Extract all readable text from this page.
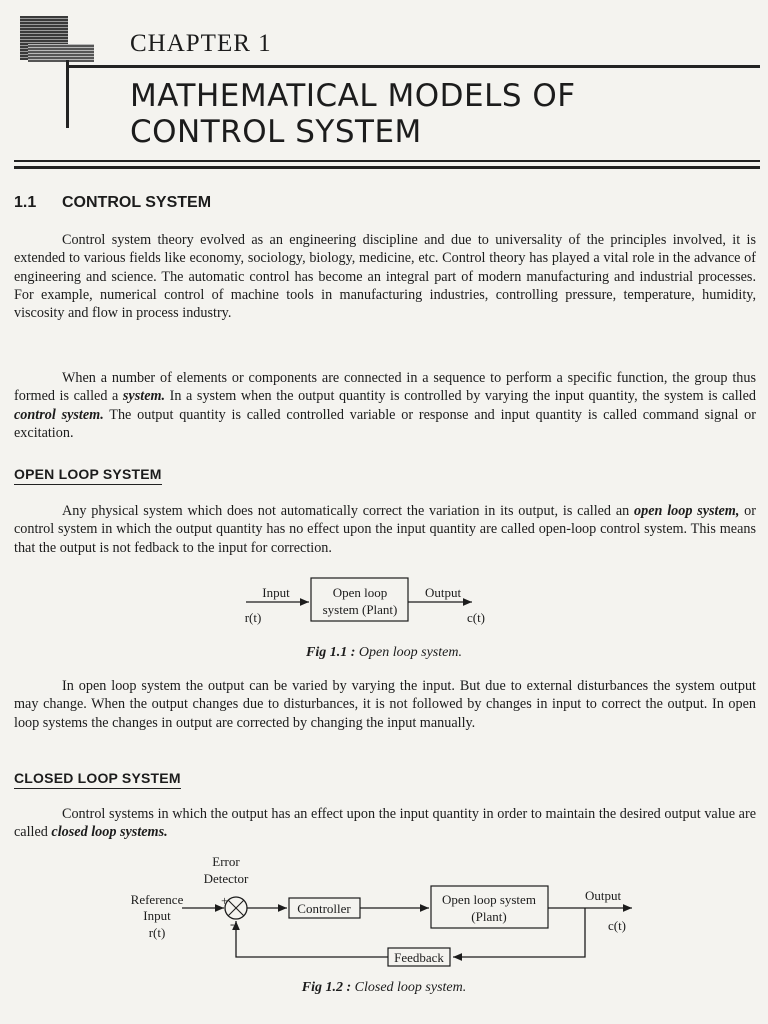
CHAPTER 1
MATHEMATICAL MODELS OF
CONTROL SYSTEM
1.1 CONTROL SYSTEM

Control system theory evolved as an engineering discipline and due to universality of the principles involved, it is extended to various fields like economy, sociology, biology, medicine, etc. Control theory has played a vital role in the advance of engineering and science. The automatic control has become an integral part of modern manufacturing and industrial processes. For example, numerical control of machine tools in manufacturing industries, controlling pressure, temperature, humidity, viscosity and flow in process industry.

When a number of elements or components are connected in a sequence to perform a specific function, the group thus formed is called a system. In a system when the output quantity is controlled by varying the input quantity, the system is called control system. The output quantity is called controlled variable or response and input quantity is called command signal or excitation.

OPEN LOOP SYSTEM

Any physical system which does not automatically correct the variation in its output, is called an open loop system, or control system in which the output quantity has no effect upon the input quantity are called open-loop control system. This means that the output is not fedback to the input for correction.

Input
r(t)
Open loop
system (Plant)
Output
c(t)

Fig 1.1 : Open loop system.

In open loop system the output can be varied by varying the input. But due to external disturbances the system output may change. When the output changes due to disturbances, it is not followed by changes in input to correct the output. In open loop systems the changes in output are corrected by changing the input manually.

CLOSED LOOP SYSTEM

Control systems in which the output has an effect upon the input quantity in order to maintain the desired output value are called closed loop systems.

Error
Detector
Reference
Input
r(t)
+
-
Controller
Open loop system
(Plant)
Output
c(t)
Feedback

Fig 1.2 : Closed loop system.
